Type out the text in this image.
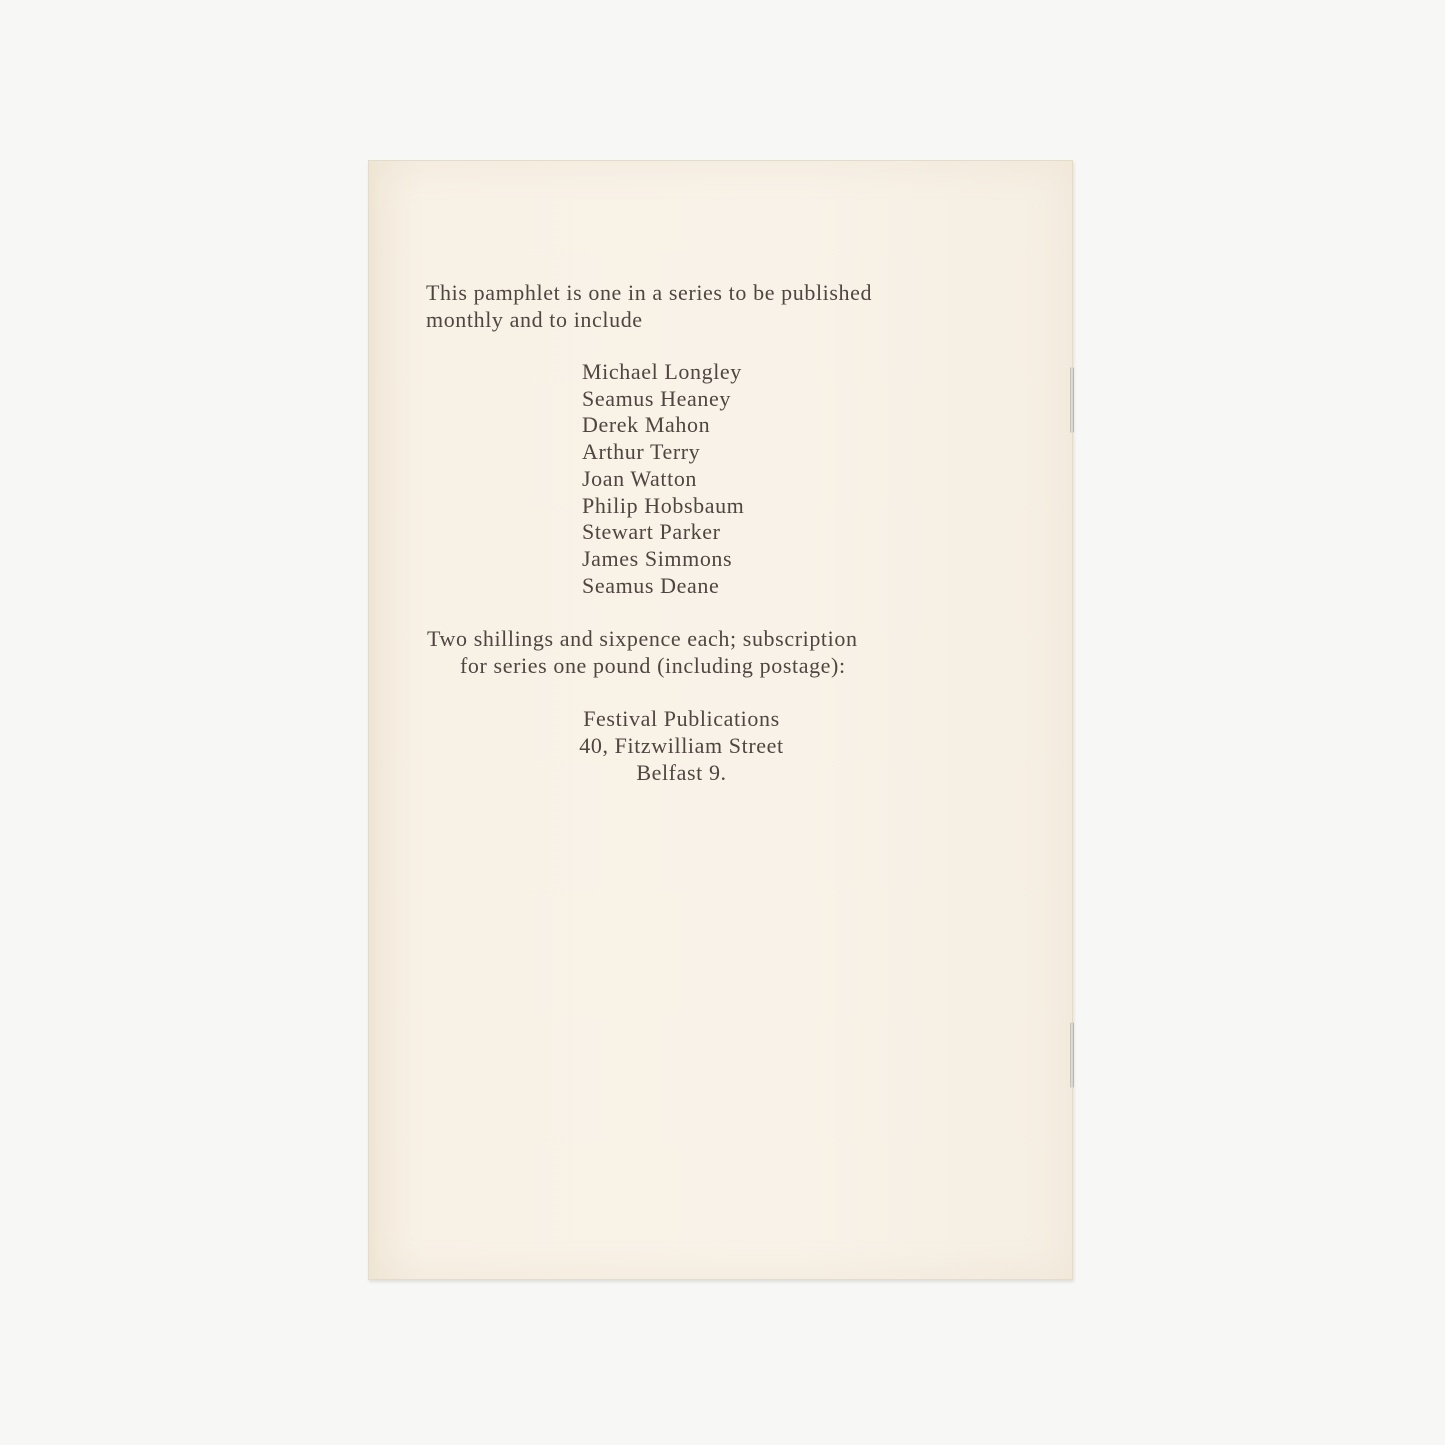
This pamphlet is one in a series to be published
monthly and to include
Michael Longley
Seamus Heaney
Derek Mahon
Arthur Terry
Joan Watton
Philip Hobsbaum
Stewart Parker
James Simmons
Seamus Deane
Two shillings and sixpence each; subscription
for series one pound (including postage):
Festival Publications
40, Fitzwilliam Street
Belfast 9.
